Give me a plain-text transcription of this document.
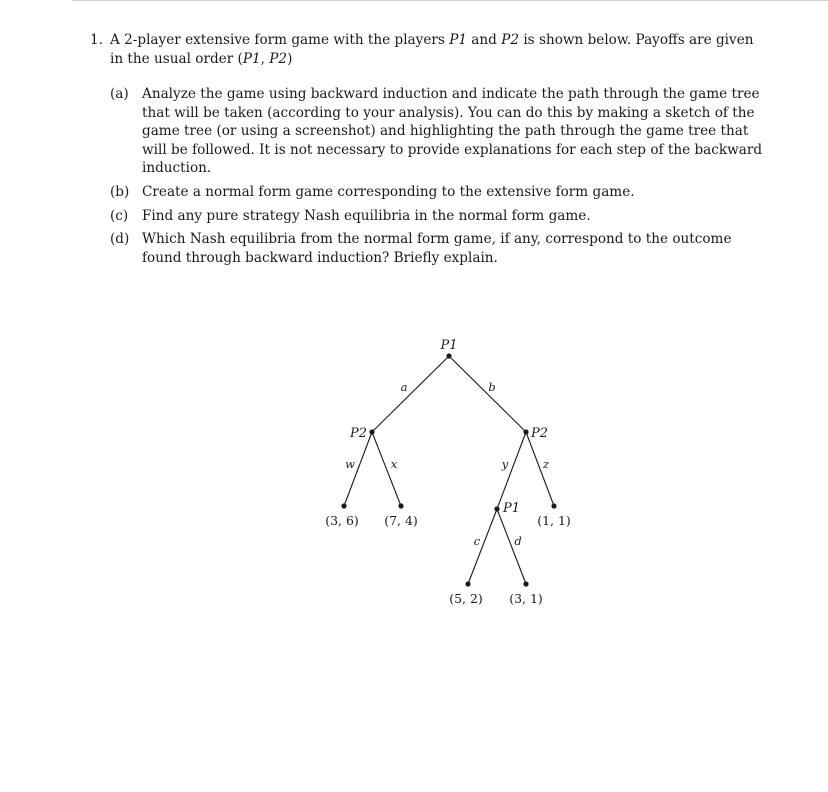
1. A 2-player extensive form game with the players P1 and P2 is shown below. Payoffs are given in the usual order (P1, P2)
(a) Analyze the game using backward induction and indicate the path through the game tree that will be taken (according to your analysis). You can do this by making a sketch of the game tree (or using a screenshot) and highlighting the path through the game tree that will be followed. It is not necessary to provide explanations for each step of the backward induction.
(b) Create a normal form game corresponding to the extensive form game.
(c) Find any pure strategy Nash equilibria in the normal form game.
(d) Which Nash equilibria from the normal form game, if any, correspond to the outcome found through backward induction? Briefly explain.
P1
P2	P2
P1
a	b
w	x	y	z
c	d
(3, 6) (7, 4)	(1, 1)
(5, 2) (3, 1)
